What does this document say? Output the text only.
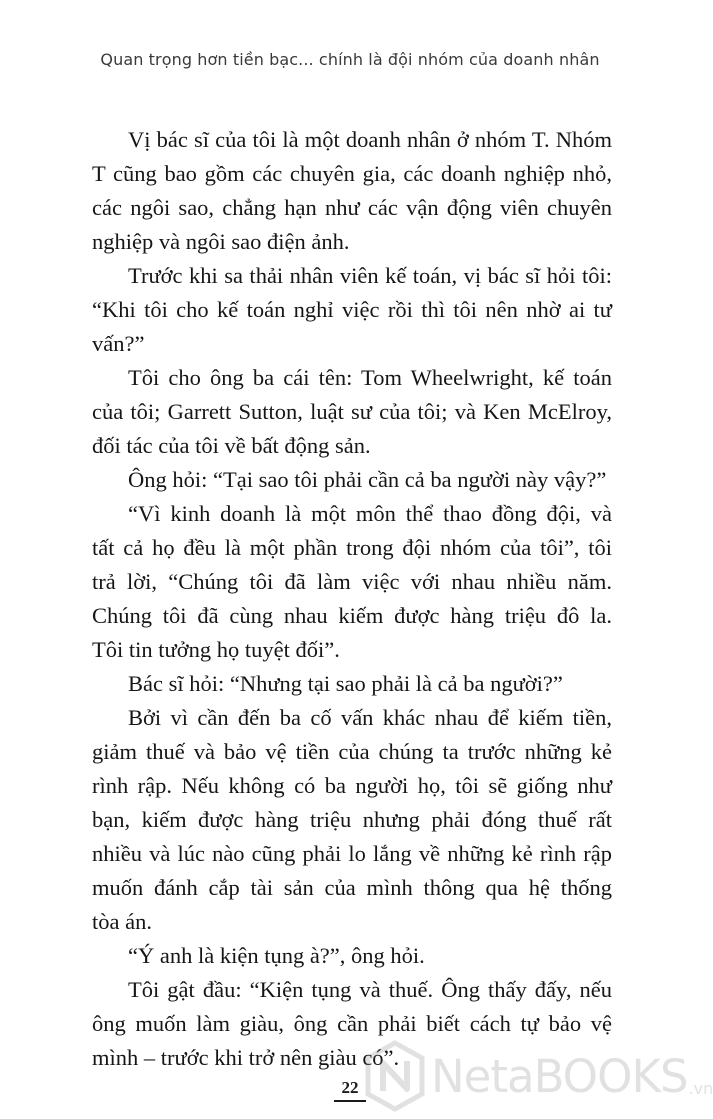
Quan trọng hơn tiền bạc... chính là đội nhóm của doanh nhân
Vị bác sĩ của tôi là một doanh nhân ở nhóm T. Nhóm
T cũng bao gồm các chuyên gia, các doanh nghiệp nhỏ,
các ngôi sao, chẳng hạn như các vận động viên chuyên
nghiệp và ngôi sao điện ảnh.
Trước khi sa thải nhân viên kế toán, vị bác sĩ hỏi tôi:
“Khi tôi cho kế toán nghỉ việc rồi thì tôi nên nhờ ai tư
vấn?”
Tôi cho ông ba cái tên: Tom Wheelwright, kế toán
của tôi; Garrett Sutton, luật sư của tôi; và Ken McElroy,
đối tác của tôi về bất động sản.
Ông hỏi: “Tại sao tôi phải cần cả ba người này vậy?”
“Vì kinh doanh là một môn thể thao đồng đội, và
tất cả họ đều là một phần trong đội nhóm của tôi”, tôi
trả lời, “Chúng tôi đã làm việc với nhau nhiều năm.
Chúng tôi đã cùng nhau kiếm được hàng triệu đô la.
Tôi tin tưởng họ tuyệt đối”.
Bác sĩ hỏi: “Nhưng tại sao phải là cả ba người?”
Bởi vì cần đến ba cố vấn khác nhau để kiếm tiền,
giảm thuế và bảo vệ tiền của chúng ta trước những kẻ
rình rập. Nếu không có ba người họ, tôi sẽ giống như
bạn, kiếm được hàng triệu nhưng phải đóng thuế rất
nhiều và lúc nào cũng phải lo lắng về những kẻ rình rập
muốn đánh cắp tài sản của mình thông qua hệ thống
tòa án.
“Ý anh là kiện tụng à?”, ông hỏi.
Tôi gật đầu: “Kiện tụng và thuế. Ông thấy đấy, nếu
ông muốn làm giàu, ông cần phải biết cách tự bảo vệ
mình – trước khi trở nên giàu có”.
22	NetaBOOKS .vn
